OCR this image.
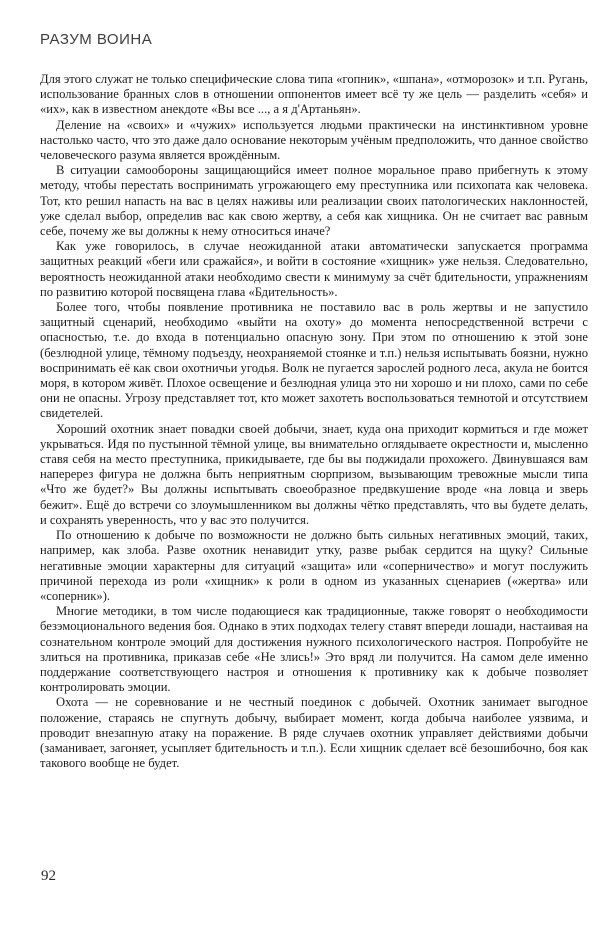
РАЗУМ ВОИНА

Для этого служат не только специфические слова типа «гопник», «шпана», «отморозок» и т.п. Ругань, использование бранных слов в отношении оппонентов имеет всё ту же цель — разделить «себя» и «их», как в известном анекдоте «Вы все ..., а я д'Артаньян».

Деление на «своих» и «чужих» используется людьми практически на инстинктивном уровне настолько часто, что это даже дало основание некоторым учёным предположить, что данное свойство человеческого разума является врождённым.

В ситуации самообороны защищающийся имеет полное моральное право прибегнуть к этому методу, чтобы перестать воспринимать угрожающего ему преступника или психопата как человека. Тот, кто решил напасть на вас в целях наживы или реализации своих патологических наклонностей, уже сделал выбор, определив вас как свою жертву, а себя как хищника. Он не считает вас равным себе, почему же вы должны к нему относиться иначе?

Как уже говорилось, в случае неожиданной атаки автоматически запускается программа защитных реакций «беги или сражайся», и войти в состояние «хищник» уже нельзя. Следовательно, вероятность неожиданной атаки необходимо свести к минимуму за счёт бдительности, упражнениям по развитию которой посвящена глава «Бдительность».

Более того, чтобы появление противника не поставило вас в роль жертвы и не запустило защитный сценарий, необходимо «выйти на охоту» до момента непосредственной встречи с опасностью, т.е. до входа в потенциально опасную зону. При этом по отношению к этой зоне (безлюдной улице, тёмному подъезду, неохраняемой стоянке и т.п.) нельзя испытывать боязни, нужно воспринимать её как свои охотничьи угодья. Волк не пугается зарослей родного леса, акула не боится моря, в котором живёт. Плохое освещение и безлюдная улица это ни хорошо и ни плохо, сами по себе они не опасны. Угрозу представляет тот, кто может захотеть воспользоваться темнотой и отсутствием свидетелей.

Хороший охотник знает повадки своей добычи, знает, куда она приходит кормиться и где может укрываться. Идя по пустынной тёмной улице, вы внимательно оглядываете окрестности и, мысленно ставя себя на место преступника, прикидываете, где бы вы поджидали прохожего. Двинувшаяся вам наперерез фигура не должна быть неприятным сюрпризом, вызывающим тревожные мысли типа «Что же будет?» Вы должны испытывать своеобразное предвкушение вроде «на ловца и зверь бежит». Ещё до встречи со злоумышленником вы должны чётко представлять, что вы будете делать, и сохранять уверенность, что у вас это получится.

По отношению к добыче по возможности не должно быть сильных негативных эмоций, таких, например, как злоба. Разве охотник ненавидит утку, разве рыбак сердится на щуку? Сильные негативные эмоции характерны для ситуаций «защита» или «соперничество» и могут послужить причиной перехода из роли «хищник» к роли в одном из указанных сценариев («жертва» или «соперник»).

Многие методики, в том числе подающиеся как традиционные, также говорят о необходимости безэмоционального ведения боя. Однако в этих подходах телегу ставят впереди лошади, настаивая на сознательном контроле эмоций для достижения нужного психологического настроя. Попробуйте не злиться на противника, приказав себе «Не злись!» Это вряд ли получится. На самом деле именно поддержание соответствующего настроя и отношения к противнику как к добыче позволяет контролировать эмоции.

Охота — не соревнование и не честный поединок с добычей. Охотник занимает выгодное положение, стараясь не спугнуть добычу, выбирает момент, когда добыча наиболее уязвима, и проводит внезапную атаку на поражение. В ряде случаев охотник управляет действиями добычи (заманивает, загоняет, усыпляет бдительность и т.п.). Если хищник сделает всё безошибочно, боя как такового вообще не будет.

92
